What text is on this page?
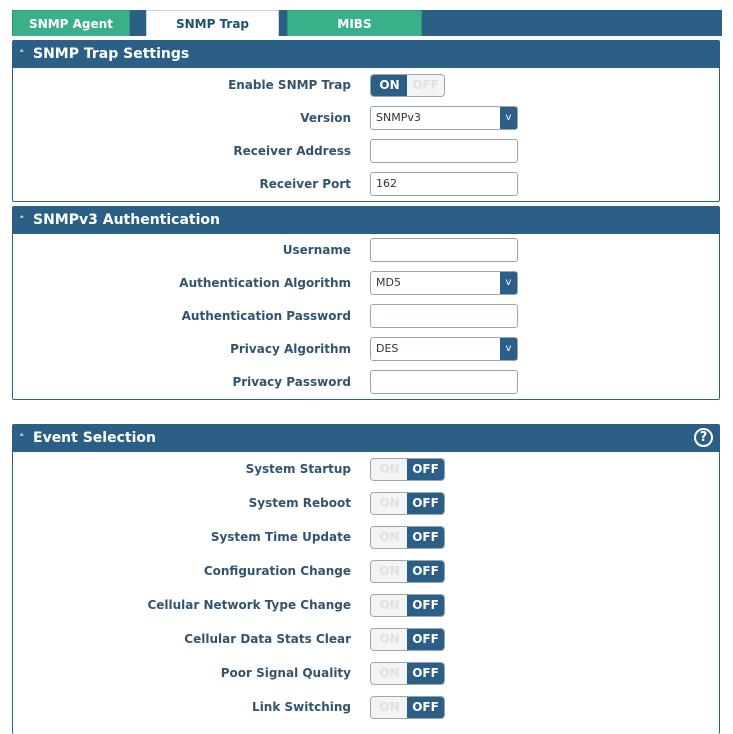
SNMP Agent	SNMP Trap	MIBS
˄ SNMP Trap Settings
Enable SNMP Trap	ON	OFF
Version	SNMPv3	v
Receiver Address
Receiver Port	162
˄ SNMPv3 Authentication
Username
Authentication Algorithm	MD5	v
Authentication Password
Privacy Algorithm	DES	v
Privacy Password
˄ Event Selection	?
System Startup	ON	OFF
System Reboot	ON	OFF
System Time Update	ON	OFF
Configuration Change	ON	OFF
Cellular Network Type Change	ON	OFF
Cellular Data Stats Clear	ON	OFF
Poor Signal Quality	ON	OFF
Link Switching	ON	OFF
